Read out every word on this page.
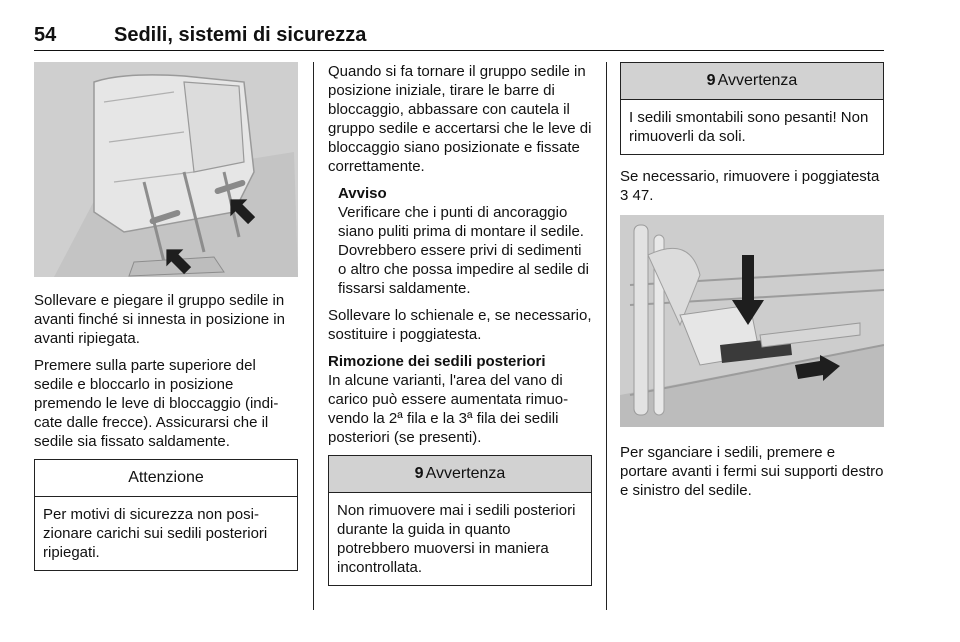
54	Sedili, sistemi di sicurezza

Sollevare e piegare il gruppo sedile in avanti finché si innesta in posizione in avanti ripiegata.

Premere sulla parte superiore del sedile e bloccarlo in posizione premendo le leve di bloccaggio (indicate dalle frecce). Assicurarsi che il sedile sia fissato saldamente.

Attenzione
Per motivi di sicurezza non posizionare carichi sui sedili posteriori ripiegati.

Quando si fa tornare il gruppo sedile in posizione iniziale, tirare le barre di bloccaggio, abbassare con cautela il gruppo sedile e accertarsi che le leve di bloccaggio siano posizionate e fissate correttamente.

Avviso
Verificare che i punti di ancoraggio siano puliti prima di montare il sedile. Dovrebbero essere privi di sedimenti o altro che possa impedire al sedile di fissarsi saldamente.

Sollevare lo schienale e, se necessario, sostituire i poggiatesta.

Rimozione dei sedili posteriori

In alcune varianti, l'area del vano di carico può essere aumentata rimuovendo la 2ª fila e la 3ª fila dei sedili posteriori (se presenti).

9 Avvertenza
Non rimuovere mai i sedili posteriori durante la guida in quanto potrebbero muoversi in maniera incontrollata.
9 Avvertenza
I sedili smontabili sono pesanti! Non rimuoverli da soli.

Se necessario, rimuovere i poggiatesta 3 47.

Per sganciare i sedili, premere e portare avanti i fermi sui supporti destro e sinistro del sedile.
